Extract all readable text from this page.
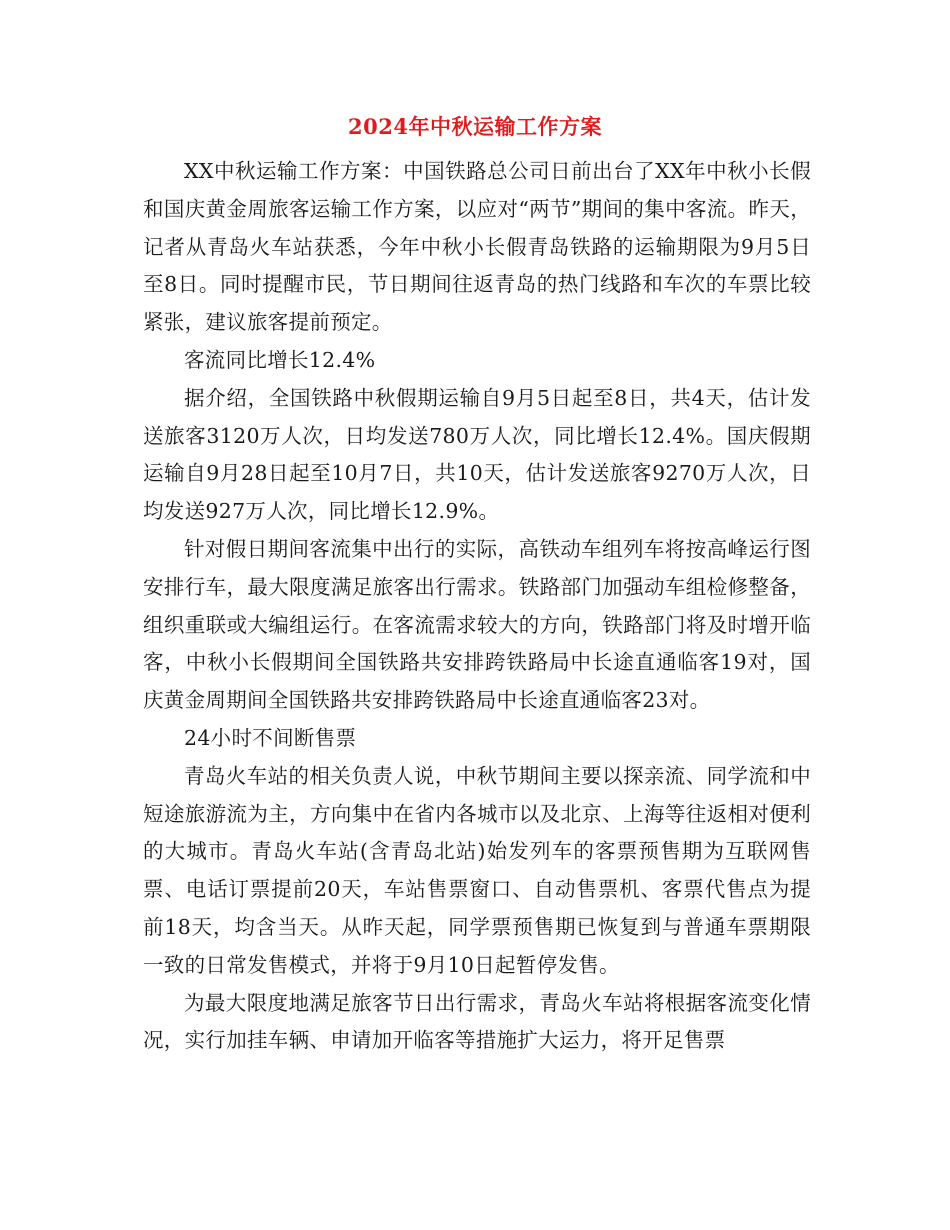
2024年中秋运输工作方案

XX中秋运输工作方案：中国铁路总公司日前出台了XX年中秋小长假和国庆黄金周旅客运输工作方案，以应对“两节”期间的集中客流。昨天，记者从青岛火车站获悉，今年中秋小长假青岛铁路的运输期限为9月5日至8日。同时提醒市民，节日期间往返青岛的热门线路和车次的车票比较紧张，建议旅客提前预定。

客流同比增长12.4%

据介绍，全国铁路中秋假期运输自9月5日起至8日，共4天，估计发送旅客3120万人次，日均发送780万人次，同比增长12.4%。国庆假期运输自9月28日起至10月7日，共10天，估计发送旅客9270万人次，日均发送927万人次，同比增长12.9%。

针对假日期间客流集中出行的实际，高铁动车组列车将按高峰运行图安排行车，最大限度满足旅客出行需求。铁路部门加强动车组检修整备，组织重联或大编组运行。在客流需求较大的方向，铁路部门将及时增开临客，中秋小长假期间全国铁路共安排跨铁路局中长途直通临客19对，国庆黄金周期间全国铁路共安排跨铁路局中长途直通临客23对。

24小时不间断售票

青岛火车站的相关负责人说，中秋节期间主要以探亲流、同学流和中短途旅游流为主，方向集中在省内各城市以及北京、上海等往返相对便利的大城市。青岛火车站(含青岛北站)始发列车的客票预售期为互联网售票、电话订票提前20天，车站售票窗口、自动售票机、客票代售点为提前18天，均含当天。从昨天起，同学票预售期已恢复到与普通车票期限一致的日常发售模式，并将于9月10日起暂停发售。

为最大限度地满足旅客节日出行需求，青岛火车站将根据客流变化情况，实行加挂车辆、申请加开临客等措施扩大运力，将开足售票
